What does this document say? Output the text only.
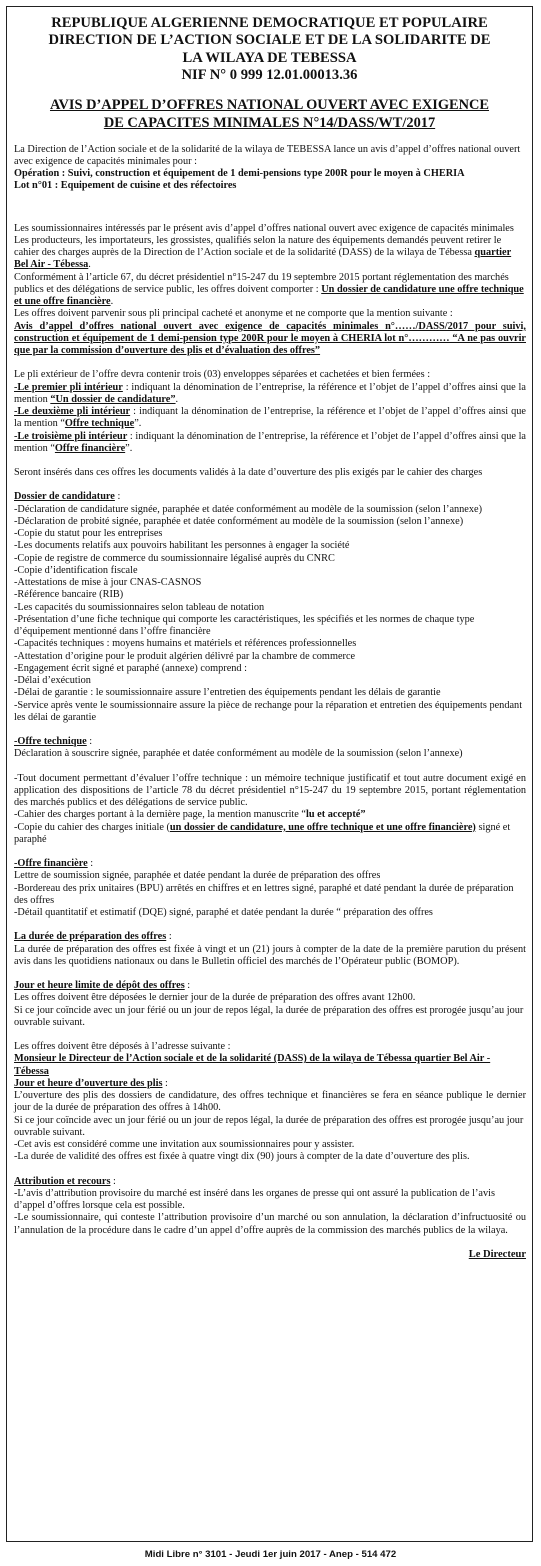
REPUBLIQUE ALGERIENNE DEMOCRATIQUE ET POPULAIRE
DIRECTION DE L’ACTION SOCIALE ET DE LA SOLIDARITE DE
LA WILAYA DE TEBESSA
NIF N° 0 999 12.01.00013.36
AVIS D’APPEL D’OFFRES NATIONAL OUVERT AVEC EXIGENCE
DE CAPACITES MINIMALES N°14/DASS/WT/2017

La Direction de l’Action sociale et de la solidarité de la wilaya de TEBESSA lance un avis d’appel d’offres national ouvert avec exigence de capacités minimales pour :

Opération : Suivi, construction et équipement de 1 demi-pensions type 200R pour le moyen à CHERIA

Lot n°01 : Equipement de cuisine et des réfectoires

Les soumissionnaires intéressés par le présent avis d’appel d’offres national ouvert avec exigence de capacités minimales

Les producteurs, les importateurs, les grossistes, qualifiés selon la nature des équipements demandés peuvent retirer le cahier des charges auprès de la Direction de l’Action sociale et de la solidarité (DASS) de la wilaya de Tébessa quartier Bel Air - Tébessa.

Conformément à l’article 67, du décret présidentiel n°15-247 du 19 septembre 2015 portant réglementation des marchés publics et des délégations de service public, les offres doivent comporter : Un dossier de candidature une offre technique et une offre financière.

Les offres doivent parvenir sous pli principal cacheté et anonyme et ne comporte que la mention suivante :

Avis d’appel d’offres national ouvert avec exigence de capacités minimales n°……/DASS/2017 pour suivi, construction et équipement de 1 demi-pension type 200R pour le moyen à CHERIA lot n°………… “A ne pas ouvrir que par la commission d’ouverture des plis et d’évaluation des offres”

Le pli extérieur de l’offre devra contenir trois (03) enveloppes séparées et cachetées et bien fermées :

-Le premier pli intérieur : indiquant la dénomination de l’entreprise, la référence et l’objet de l’appel d’offres ainsi que la mention “Un dossier de candidature”.

-Le deuxième pli intérieur : indiquant la dénomination de l’entreprise, la référence et l’objet de l’appel d’offres ainsi que la mention “Offre technique”.

-Le troisième pli intérieur : indiquant la dénomination de l’entreprise, la référence et l’objet de l’appel d’offres ainsi que la mention “Offre financière”.

Seront insérés dans ces offres les documents validés à la date d’ouverture des plis exigés par le cahier des charges

Dossier de candidature :

-Déclaration de candidature signée, paraphée et datée conformément au modèle de la soumission (selon l’annexe)

-Déclaration de probité signée, paraphée et datée conformément au modèle de la soumission (selon l’annexe)

-Copie du statut pour les entreprises

-Les documents relatifs aux pouvoirs habilitant les personnes à engager la société

-Copie de registre de commerce du soumissionnaire légalisé auprès du CNRC

-Copie d’identification fiscale

-Attestations de mise à jour CNAS-CASNOS

-Référence bancaire (RIB)

-Les capacités du soumissionnaires selon tableau de notation

-Présentation d’une fiche technique qui comporte les caractéristiques, les spécifiés et les normes de chaque type d’équipement mentionné dans l’offre financière

-Capacités techniques : moyens humains et matériels et références professionnelles

-Attestation d’origine pour le produit algérien délivré par la chambre de commerce

-Engagement écrit signé et paraphé (annexe) comprend :

-Délai d’exécution

-Délai de garantie : le soumissionnaire assure l’entretien des équipements pendant les délais de garantie

-Service après vente le soumissionnaire assure la pièce de rechange pour la réparation et entretien des équipements pendant les délai de garantie

-Offre technique :

Déclaration à souscrire signée, paraphée et datée conformément au modèle de la soumission (selon l’annexe)

-Tout document permettant d’évaluer l’offre technique : un mémoire technique justificatif et tout autre document exigé en application des dispositions de l’article 78 du décret présidentiel n°15-247 du 19 septembre 2015, portant réglementation des marchés publics et des délégations de service public.

-Cahier des charges portant à la dernière page, la mention manuscrite “lu et accepté”

-Copie du cahier des charges initiale (un dossier de candidature, une offre technique et une offre financière) signé et paraphé

-Offre financière :

Lettre de soumission signée, paraphée et datée pendant la durée de préparation des offres

-Bordereau des prix unitaires (BPU) arrêtés en chiffres et en lettres signé, paraphé et daté pendant la durée de préparation des offres

-Détail quantitatif et estimatif (DQE) signé, paraphé et datée pendant la durée “ préparation des offres

La durée de préparation des offres :

La durée de préparation des offres est fixée à vingt et un (21) jours à compter de la date de la première parution du présent avis dans les quotidiens nationaux ou dans le Bulletin officiel des marchés de l’Opérateur public (BOMOP).

Jour et heure limite de dépôt des offres :

Les offres doivent être déposées le dernier jour de la durée de préparation des offres avant 12h00.

Si ce jour coïncide avec un jour férié ou un jour de repos légal, la durée de préparation des offres est prorogée jusqu’au jour ouvrable suivant.

Les offres doivent être déposés à l’adresse suivante :

Monsieur le Directeur de l’Action sociale et de la solidarité (DASS) de la wilaya de Tébessa quartier Bel Air - Tébessa

Jour et heure d’ouverture des plis :

L’ouverture des plis des dossiers de candidature, des offres technique et financières se fera en séance publique le dernier jour de la durée de préparation des offres à 14h00.

Si ce jour coïncide avec un jour férié ou un jour de repos légal, la durée de préparation des offres est prorogée jusqu’au jour ouvrable suivant.

-Cet avis est considéré comme une invitation aux soumissionnaires pour y assister.

-La durée de validité des offres est fixée à quatre vingt dix (90) jours à compter de la date d’ouverture des plis.

Attribution et recours :

-L’avis d’attribution provisoire du marché est inséré dans les organes de presse qui ont assuré la publication de l’avis d’appel d’offres lorsque cela est possible.

-Le soumissionnaire, qui conteste l’attribution provisoire d’un marché ou son annulation, la déclaration d’infructuosité ou l’annulation de la procédure dans le cadre d’un appel d’offre auprès de la commission des marchés publics de la wilaya.

Le Directeur

Midi Libre n° 3101 - Jeudi 1er juin 2017 - Anep - 514 472
